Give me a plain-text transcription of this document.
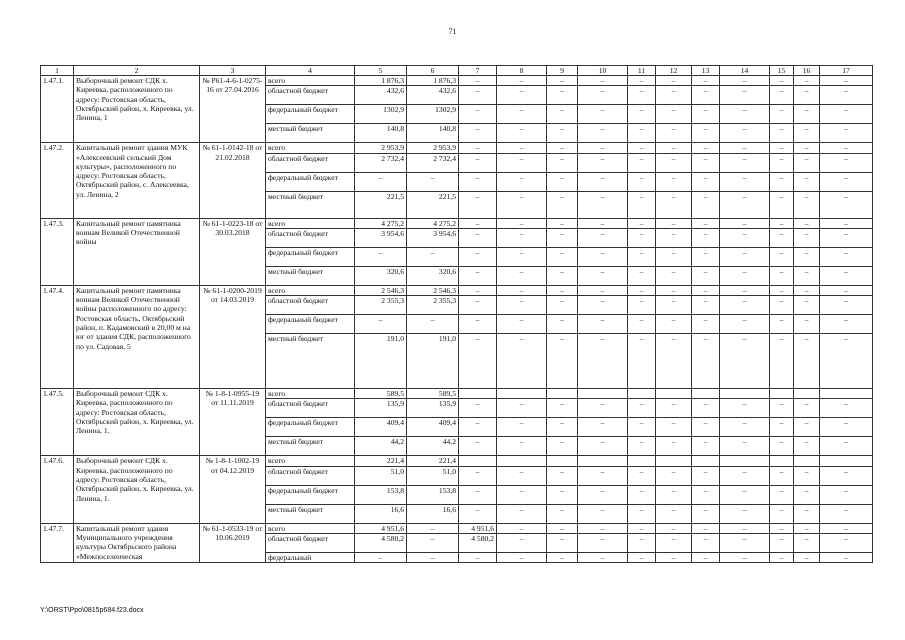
71
1	2	3	4	5	6	7	8	9	10	11	12	13	14	15	16	17
1.47.1.	Выборочный ремонт СДК х. Киреевка, расположенного по адресу: Ростовская область, Октябрьский район, х. Киреевка, ул. Ленина, 1	№ Р61-4-6-1-0275-16 от 27.04.2016	всего	1 876,3	1 876,3	–	–	–	–	–	–	–	–	–	–	–
			областной бюджет	432,6	432,6	–	–	–	–	–	–	–	–	–	–	–
			федеральный бюджет	1302,9	1302,9	–	–	–	–	–	–	–	–	–	–	–
			местный бюджет	140,8	140,8	–	–	–	–	–	–	–	–	–	–	–
1.47.2.	Капитальный ремонт здания МУК «Алексеевский сельский Дом культуры», расположенного по адресу: Ростовская область, Октябрьский район, с. Алексеевка, ул. Ленина, 2	№ 61-1-0142-18 от 21.02.2018	всего	2 953,9	2 953,9	–	–	–	–	–	–	–	–	–	–	–
			областной бюджет	2 732,4	2 732,4	–	–	–	–	–	–	–	–	–	–	–
			федеральный бюджет	–	–	–	–	–	–	–	–	–	–	–	–	–
			местный бюджет	221,5	221,5	–	–	–	–	–	–	–	–	–	–	–
1.47.3.	Капитальный ремонт памятника воинам Великой Отечественной войны	№ 61-1-0223-18 от 30.03.2018	всего	4 275,2	4 275,2	–	–	–	–	–	–	–	–	–	–	–
			областной бюджет	3 954,6	3 954,6	–	–	–	–	–	–	–	–	–	–	–
			федеральный бюджет	–	–	–	–	–	–	–	–	–	–	–	–	–
			местный бюджет	320,6	320,6	–	–	–	–	–	–	–	–	–	–	–
1.47.4.	Капитальный ремонт памятника воинам Великой Отечественной войны расположенного по адресу: Ростовская область, Октябрьский район, п. Кадамовский в 20,00 м на юг от здания СДК, расположенного по ул. Садовая, 5	№ 61-1-0200-2019 от 14.03.2019	всего	2 546,3	2 546,3	–	–	–	–	–	–	–	–	–	–	–
			областной бюджет	2 355,3	2 355,3	–	–	–	–	–	–	–	–	–	–	–
			федеральный бюджет	–	–	–	–	–	–	–	–	–	–	–	–	–
			местный бюджет	191,0	191,0	–	–	–	–	–	–	–	–	–	–	–
1.47.5.	Выборочный ремонт СДК х. Киреевка, расположенного по адресу: Ростовская область, Октябрьский район, х. Киреевка, ул. Ленина, 1.	№ 1-8-1-0955-19 от 11.11.2019	всего	589,5	589,5											
			областной бюджет	135,9	135,9	–	–	–	–	–	–	–	–	–	–	–
			федеральный бюджет	409,4	409,4	–	–	–	–	–	–	–	–	–	–	–
			местный бюджет	44,2	44,2	–	–	–	–	–	–	–	–	–	–	–
1.47.6.	Выборочный ремонт СДК х. Киреевка, расположенного по адресу: Ростовская область, Октябрьский район, х. Киреевка, ул. Ленина, 1.	№ 1-8-1-1002-19 от 04.12.2019	всего	221,4	221,4											
			областной бюджет	51,0	51,0	–	–	–	–	–	–	–	–	–	–	–
			федеральный бюджет	153,8	153,8	–	–	–	–	–	–	–	–	–	–	–
			местный бюджет	16,6	16,6	–	–	–	–	–	–	–	–	–	–	–
1.47.7.	Капитальный ремонт здания Муниципального учреждения культуры Октябрьского района «Межпоселенческая	№ 61-1-0533-19 от 10.06.2019	всего	4 951,6	–	4 951,6	–	–	–	–	–	–	–	–	–	–
			областной бюджет	4 580,2	–	4 580,2	–	–	–	–	–	–	–	–	–	–
			федеральный	–	–	–	–	–	–	–	–	–	–	–	–	–
Y:\ORST\Ppo\0815p684.f23.docx
